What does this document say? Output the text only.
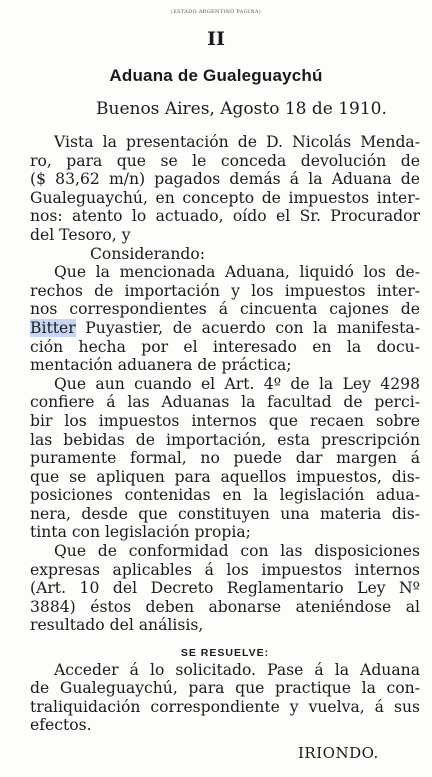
(ESTADO ARGENTINO PAGINA)
II
Aduana de Gualeguaychú
Buenos Aires, Agosto 18 de 1910.
Vista la presentación de D. Nicolás Menda-
ro, para que se le conceda devolución de
($ 83,62 m/n) pagados demás á la Aduana de
Gualeguaychú, en concepto de impuestos inter-
nos: atento lo actuado, oído el Sr. Procurador
del Tesoro, y
Considerando:
Que la mencionada Aduana, liquidó los de-
rechos de importación y los impuestos inter-
nos correspondientes á cincuenta cajones de
Bitter Puyastier, de acuerdo con la manifesta-
ción hecha por el interesado en la docu-
mentación aduanera de práctica;
Que aun cuando el Art. 4º de la Ley 4298
confiere á las Aduanas la facultad de perci-
bir los impuestos internos que recaen sobre
las bebidas de importación, esta prescripción
puramente formal, no puede dar margen á
que se apliquen para aquellos impuestos, dis-
posiciones contenidas en la legislación adua-
nera, desde que constituyen una materia dis-
tinta con legislación propia;
Que de conformidad con las disposiciones
expresas aplicables á los impuestos internos
(Art. 10 del Decreto Reglamentario Ley Nº
3884) éstos deben abonarse ateniéndose al
resultado del análisis,
SE RESUELVE:
Acceder á lo solicitado. Pase á la Aduana
de Gualeguaychú, para que practique la con-
traliquidación correspondiente y vuelva, á sus
efectos.
IRIONDO.
